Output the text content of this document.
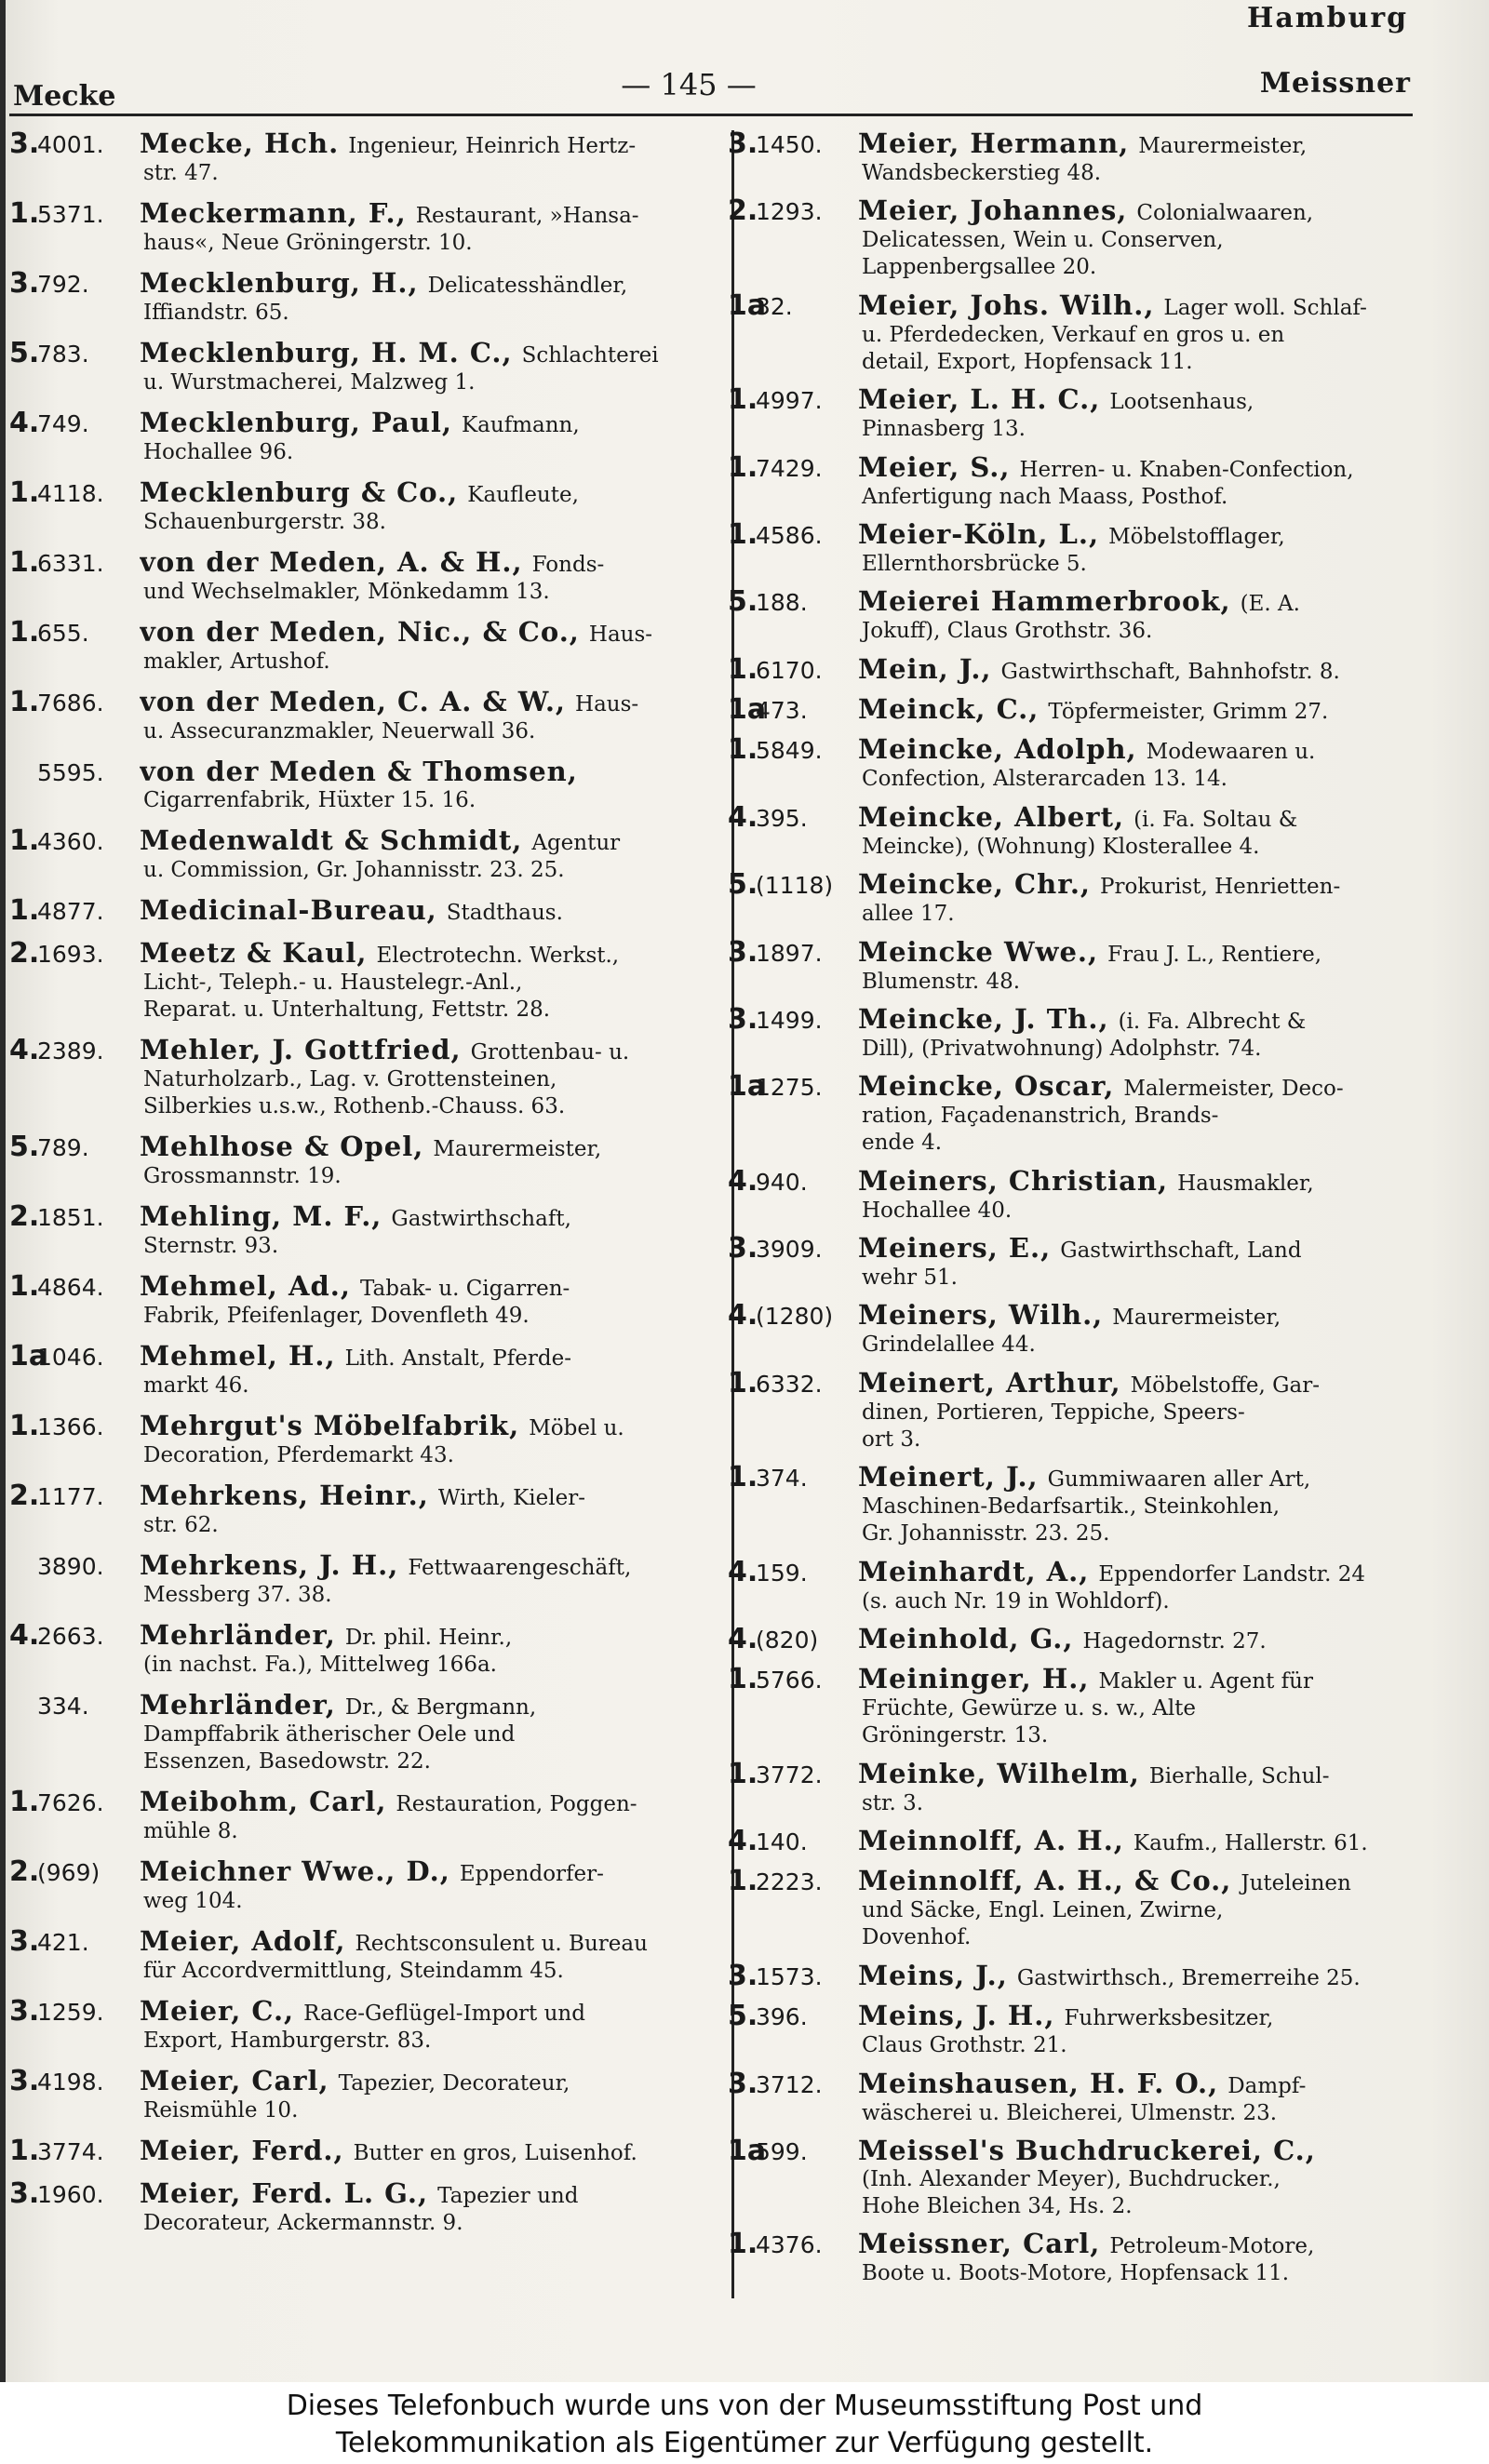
Hamburg
Mecke	— 145 —	Meissner
3.4001.	Mecke, Hch. Ingenieur, Heinrich Hertz-
str. 47.
1.5371.	Meckermann, F., Restaurant, »Hansa-
haus«, Neue Gröningerstr. 10.
3.792.	Mecklenburg, H., Delicatesshändler,
Iffiandstr. 65.
5.783.	Mecklenburg, H. M. C., Schlachterei
u. Wurstmacherei, Malzweg 1.
4.749.	Mecklenburg, Paul, Kaufmann,
Hochallee 96.
1.4118.	Mecklenburg & Co., Kaufleute,
Schauenburgerstr. 38.
1.6331.	von der Meden, A. & H., Fonds-
und Wechselmakler, Mönkedamm 13.
1.655.	von der Meden, Nic., & Co., Haus-
makler, Artushof.
1.7686.	von der Meden, C. A. & W., Haus-
u. Assecuranzmakler, Neuerwall 36.
5595.	von der Meden & Thomsen,
Cigarrenfabrik, Hüxter 15. 16.
1.4360.	Medenwaldt & Schmidt, Agentur
u. Commission, Gr. Johannisstr. 23. 25.
1.4877.	Medicinal-Bureau, Stadthaus.
2.1693.	Meetz & Kaul, Electrotechn. Werkst.,
Licht-, Teleph.- u. Haustelegr.-Anl.,
Reparat. u. Unterhaltung, Fettstr. 28.
4.2389.	Mehler, J. Gottfried, Grottenbau- u.
Naturholzarb., Lag. v. Grottensteinen,
Silberkies u.s.w., Rothenb.-Chauss. 63.
5.789.	Mehlhose & Opel, Maurermeister,
Grossmannstr. 19.
2.1851.	Mehling, M. F., Gastwirthschaft,
Sternstr. 93.
1.4864.	Mehmel, Ad., Tabak- u. Cigarren-
Fabrik, Pfeifenlager, Dovenfleth 49.
1a1046.	Mehmel, H., Lith. Anstalt, Pferde-
markt 46.
1.1366.	Mehrgut's Möbelfabrik, Möbel u.
Decoration, Pferdemarkt 43.
2.1177.	Mehrkens, Heinr., Wirth, Kieler-
str. 62.
3890.	Mehrkens, J. H., Fettwaarengeschäft,
Messberg 37. 38.
4.2663.	Mehrländer, Dr. phil. Heinr.,
(in nachst. Fa.), Mittelweg 166a.
334.	Mehrländer, Dr., & Bergmann,
Dampffabrik ätherischer Oele und
Essenzen, Basedowstr. 22.
1.7626.	Meibohm, Carl, Restauration, Poggen-
mühle 8.
2.(969)	Meichner Wwe., D., Eppendorfer-
weg 104.
3.421.	Meier, Adolf, Rechtsconsulent u. Bureau
für Accordvermittlung, Steindamm 45.
3.1259.	Meier, C., Race-Geflügel-Import und
Export, Hamburgerstr. 83.
3.4198.	Meier, Carl, Tapezier, Decorateur,
Reismühle 10.
1.3774.	Meier, Ferd., Butter en gros, Luisenhof.
3.1960.	Meier, Ferd. L. G., Tapezier und
Decorateur, Ackermannstr. 9.
3.1450.	Meier, Hermann, Maurermeister,
Wandsbeckerstieg 48.
2.1293.	Meier, Johannes, Colonialwaaren,
Delicatessen, Wein u. Conserven,
Lappenbergsallee 20.
1a32.	Meier, Johs. Wilh., Lager woll. Schlaf-
u. Pferdedecken, Verkauf en gros u. en
detail, Export, Hopfensack 11.
1.4997.	Meier, L. H. C., Lootsenhaus,
Pinnasberg 13.
1.7429.	Meier, S., Herren- u. Knaben-Confection,
Anfertigung nach Maass, Posthof.
1.4586.	Meier-Köln, L., Möbelstofflager,
Ellernthorsbrücke 5.
5.188.	Meierei Hammerbrook, (E. A.
Jokuff), Claus Grothstr. 36.
1.6170.	Mein, J., Gastwirthschaft, Bahnhofstr. 8.
1a473.	Meinck, C., Töpfermeister, Grimm 27.
1.5849.	Meincke, Adolph, Modewaaren u.
Confection, Alsterarcaden 13. 14.
4.395.	Meincke, Albert, (i. Fa. Soltau &
Meincke), (Wohnung) Klosterallee 4.
5.(1118) Meincke, Chr., Prokurist, Henrietten-
allee 17.
3.1897.	Meincke Wwe., Frau J. L., Rentiere,
Blumenstr. 48.
3.1499.	Meincke, J. Th., (i. Fa. Albrecht &
Dill), (Privatwohnung) Adolphstr. 74.
1a1275.	Meincke, Oscar, Malermeister, Deco-
ration, Façadenanstrich, Brands-
ende 4.
4.940.	Meiners, Christian, Hausmakler,
Hochallee 40.
3.3909.	Meiners, E., Gastwirthschaft, Land
wehr 51.
4.(1280) Meiners, Wilh., Maurermeister,
Grindelallee 44.
1.6332.	Meinert, Arthur, Möbelstoffe, Gar-
dinen, Portieren, Teppiche, Speers-
ort 3.
1.374.	Meinert, J., Gummiwaaren aller Art,
Maschinen-Bedarfsartik., Steinkohlen,
Gr. Johannisstr. 23. 25.
4.159.	Meinhardt, A., Eppendorfer Landstr. 24
(s. auch Nr. 19 in Wohldorf).
4.(820)	Meinhold, G., Hagedornstr. 27.
1.5766.	Meininger, H., Makler u. Agent für
Früchte, Gewürze u. s. w., Alte
Gröningerstr. 13.
1.3772.	Meinke, Wilhelm, Bierhalle, Schul-
str. 3.
4.140.	Meinnolff, A. H., Kaufm., Hallerstr. 61.
1.2223.	Meinnolff, A. H., & Co., Juteleinen
und Säcke, Engl. Leinen, Zwirne,
Dovenhof.
3.1573.	Meins, J., Gastwirthsch., Bremerreihe 25.
5.396.	Meins, J. H., Fuhrwerksbesitzer,
Claus Grothstr. 21.
3.3712.	Meinshausen, H. F. O., Dampf-
wäscherei u. Bleicherei, Ulmenstr. 23.
1a599.	Meissel's Buchdruckerei, C.,
(Inh. Alexander Meyer), Buchdrucker.,
Hohe Bleichen 34, Hs. 2.
1.4376.	Meissner, Carl, Petroleum-Motore,
Boote u. Boots-Motore, Hopfensack 11.
Dieses Telefonbuch wurde uns von der Museumsstiftung Post und
Telekommunikation als Eigentümer zur Verfügung gestellt.
